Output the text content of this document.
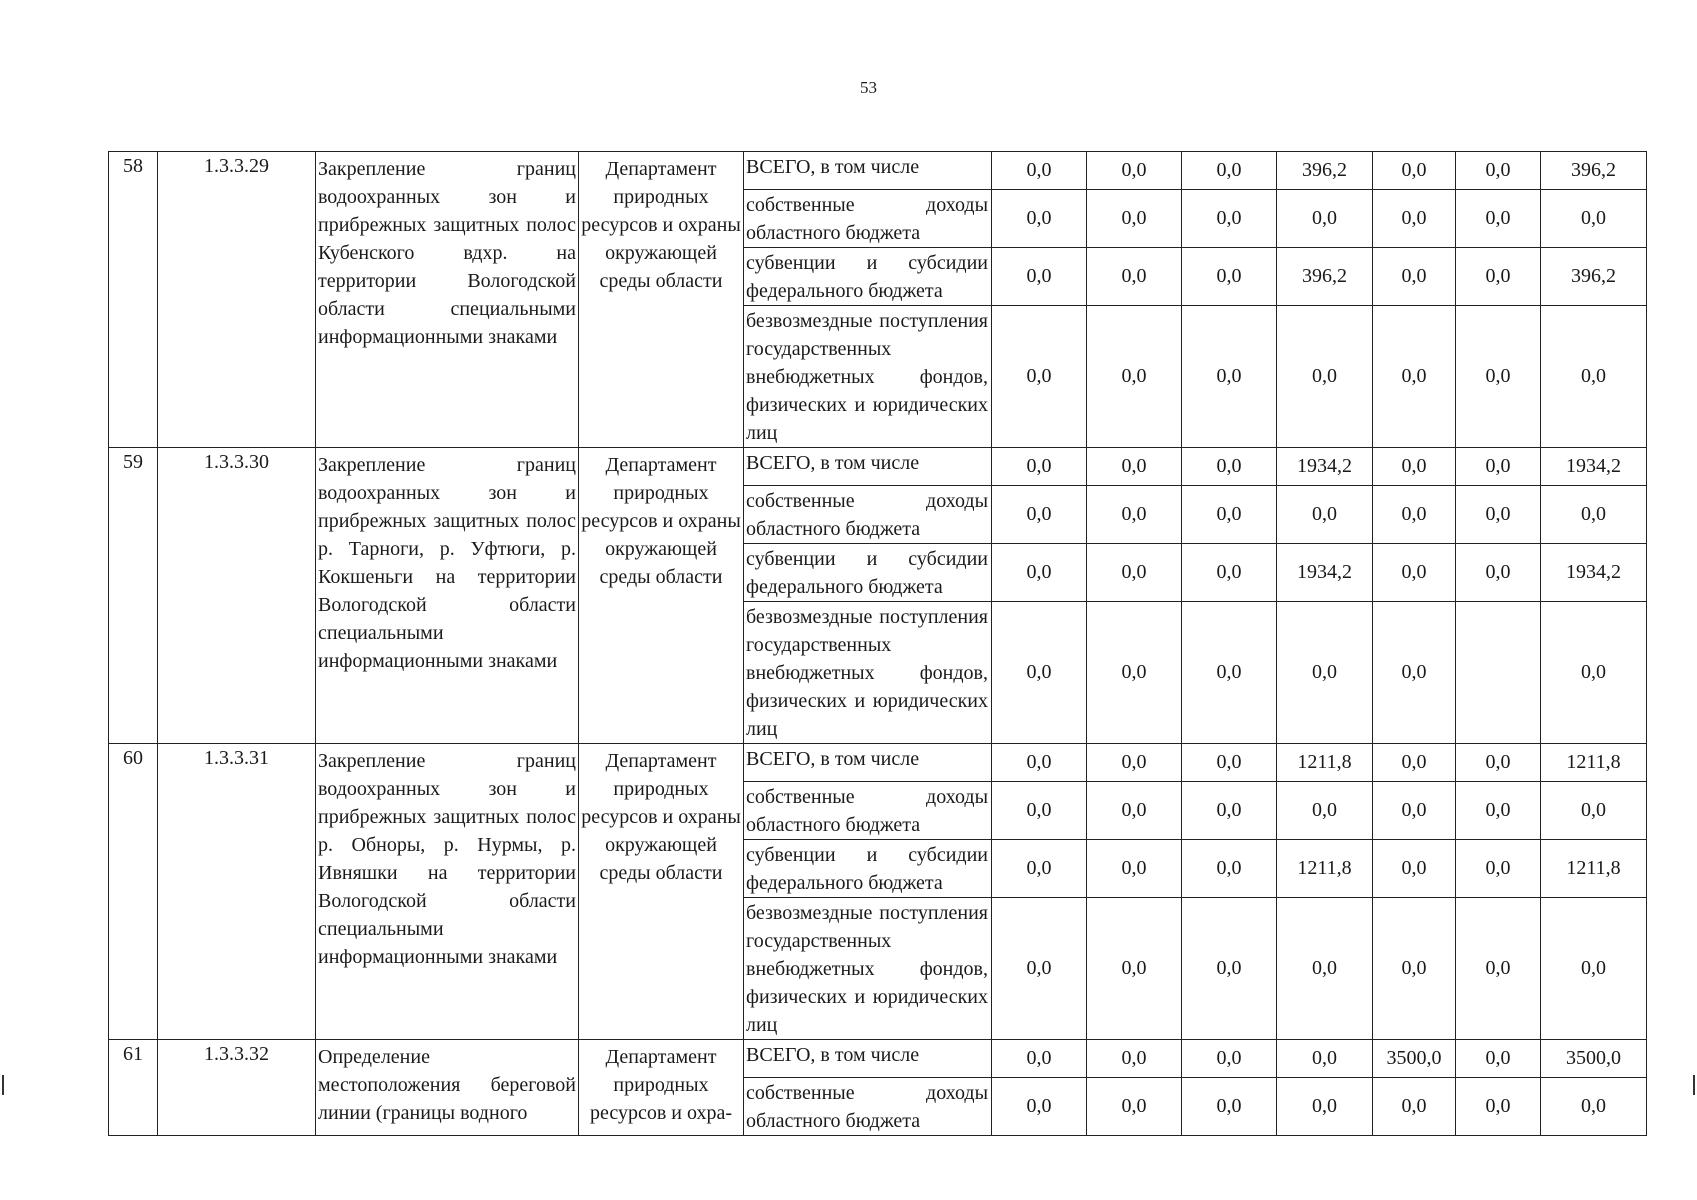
53
58	1.3.3.29	Закрепление границ водоохранных зон и прибрежных защитных полос Кубенского вдхр. на территории Вологодской области специальными информационными знаками	Департамент природных ресурсов и охраны окружающей среды области	ВСЕГО, в том числе	0,0	0,0	0,0	396,2	0,0	0,0	396,2
				собственные доходы областного бюджета	0,0	0,0	0,0	0,0	0,0	0,0	0,0
				субвенции и субсидии федерального бюджета	0,0	0,0	0,0	396,2	0,0	0,0	396,2
				безвозмездные поступления государственных внебюджетных фондов, физических и юридических лиц	0,0	0,0	0,0	0,0	0,0	0,0	0,0
59	1.3.3.30	Закрепление границ водоохранных зон и прибрежных защитных полос р. Тарноги, р. Уфтюги, р. Кокшеньги на территории Вологодской области специальными информационными знаками	Департамент природных ресурсов и охраны окружающей среды области	ВСЕГО, в том числе	0,0	0,0	0,0	1934,2	0,0	0,0	1934,2
				собственные доходы областного бюджета	0,0	0,0	0,0	0,0	0,0	0,0	0,0
				субвенции и субсидии федерального бюджета	0,0	0,0	0,0	1934,2	0,0	0,0	1934,2
				безвозмездные поступления государственных внебюджетных фондов, физических и юридических лиц	0,0	0,0	0,0	0,0	0,0		0,0
60	1.3.3.31	Закрепление границ водоохранных зон и прибрежных защитных полос р. Обноры, р. Нурмы, р. Ивняшки на территории Вологодской области специальными информационными знаками	Департамент природных ресурсов и охраны окружающей среды области	ВСЕГО, в том числе	0,0	0,0	0,0	1211,8	0,0	0,0	1211,8
				собственные доходы областного бюджета	0,0	0,0	0,0	0,0	0,0	0,0	0,0
				субвенции и субсидии федерального бюджета	0,0	0,0	0,0	1211,8	0,0	0,0	1211,8
				безвозмездные поступления государственных внебюджетных фондов, физических и юридических лиц	0,0	0,0	0,0	0,0	0,0	0,0	0,0
61	1.3.3.32	Определение местоположения береговой линии (границы водного	Департамент природных ресурсов и охра-	ВСЕГО, в том числе	0,0	0,0	0,0	0,0	3500,0	0,0	3500,0
				собственные доходы областного бюджета	0,0	0,0	0,0	0,0	0,0	0,0	0,0
